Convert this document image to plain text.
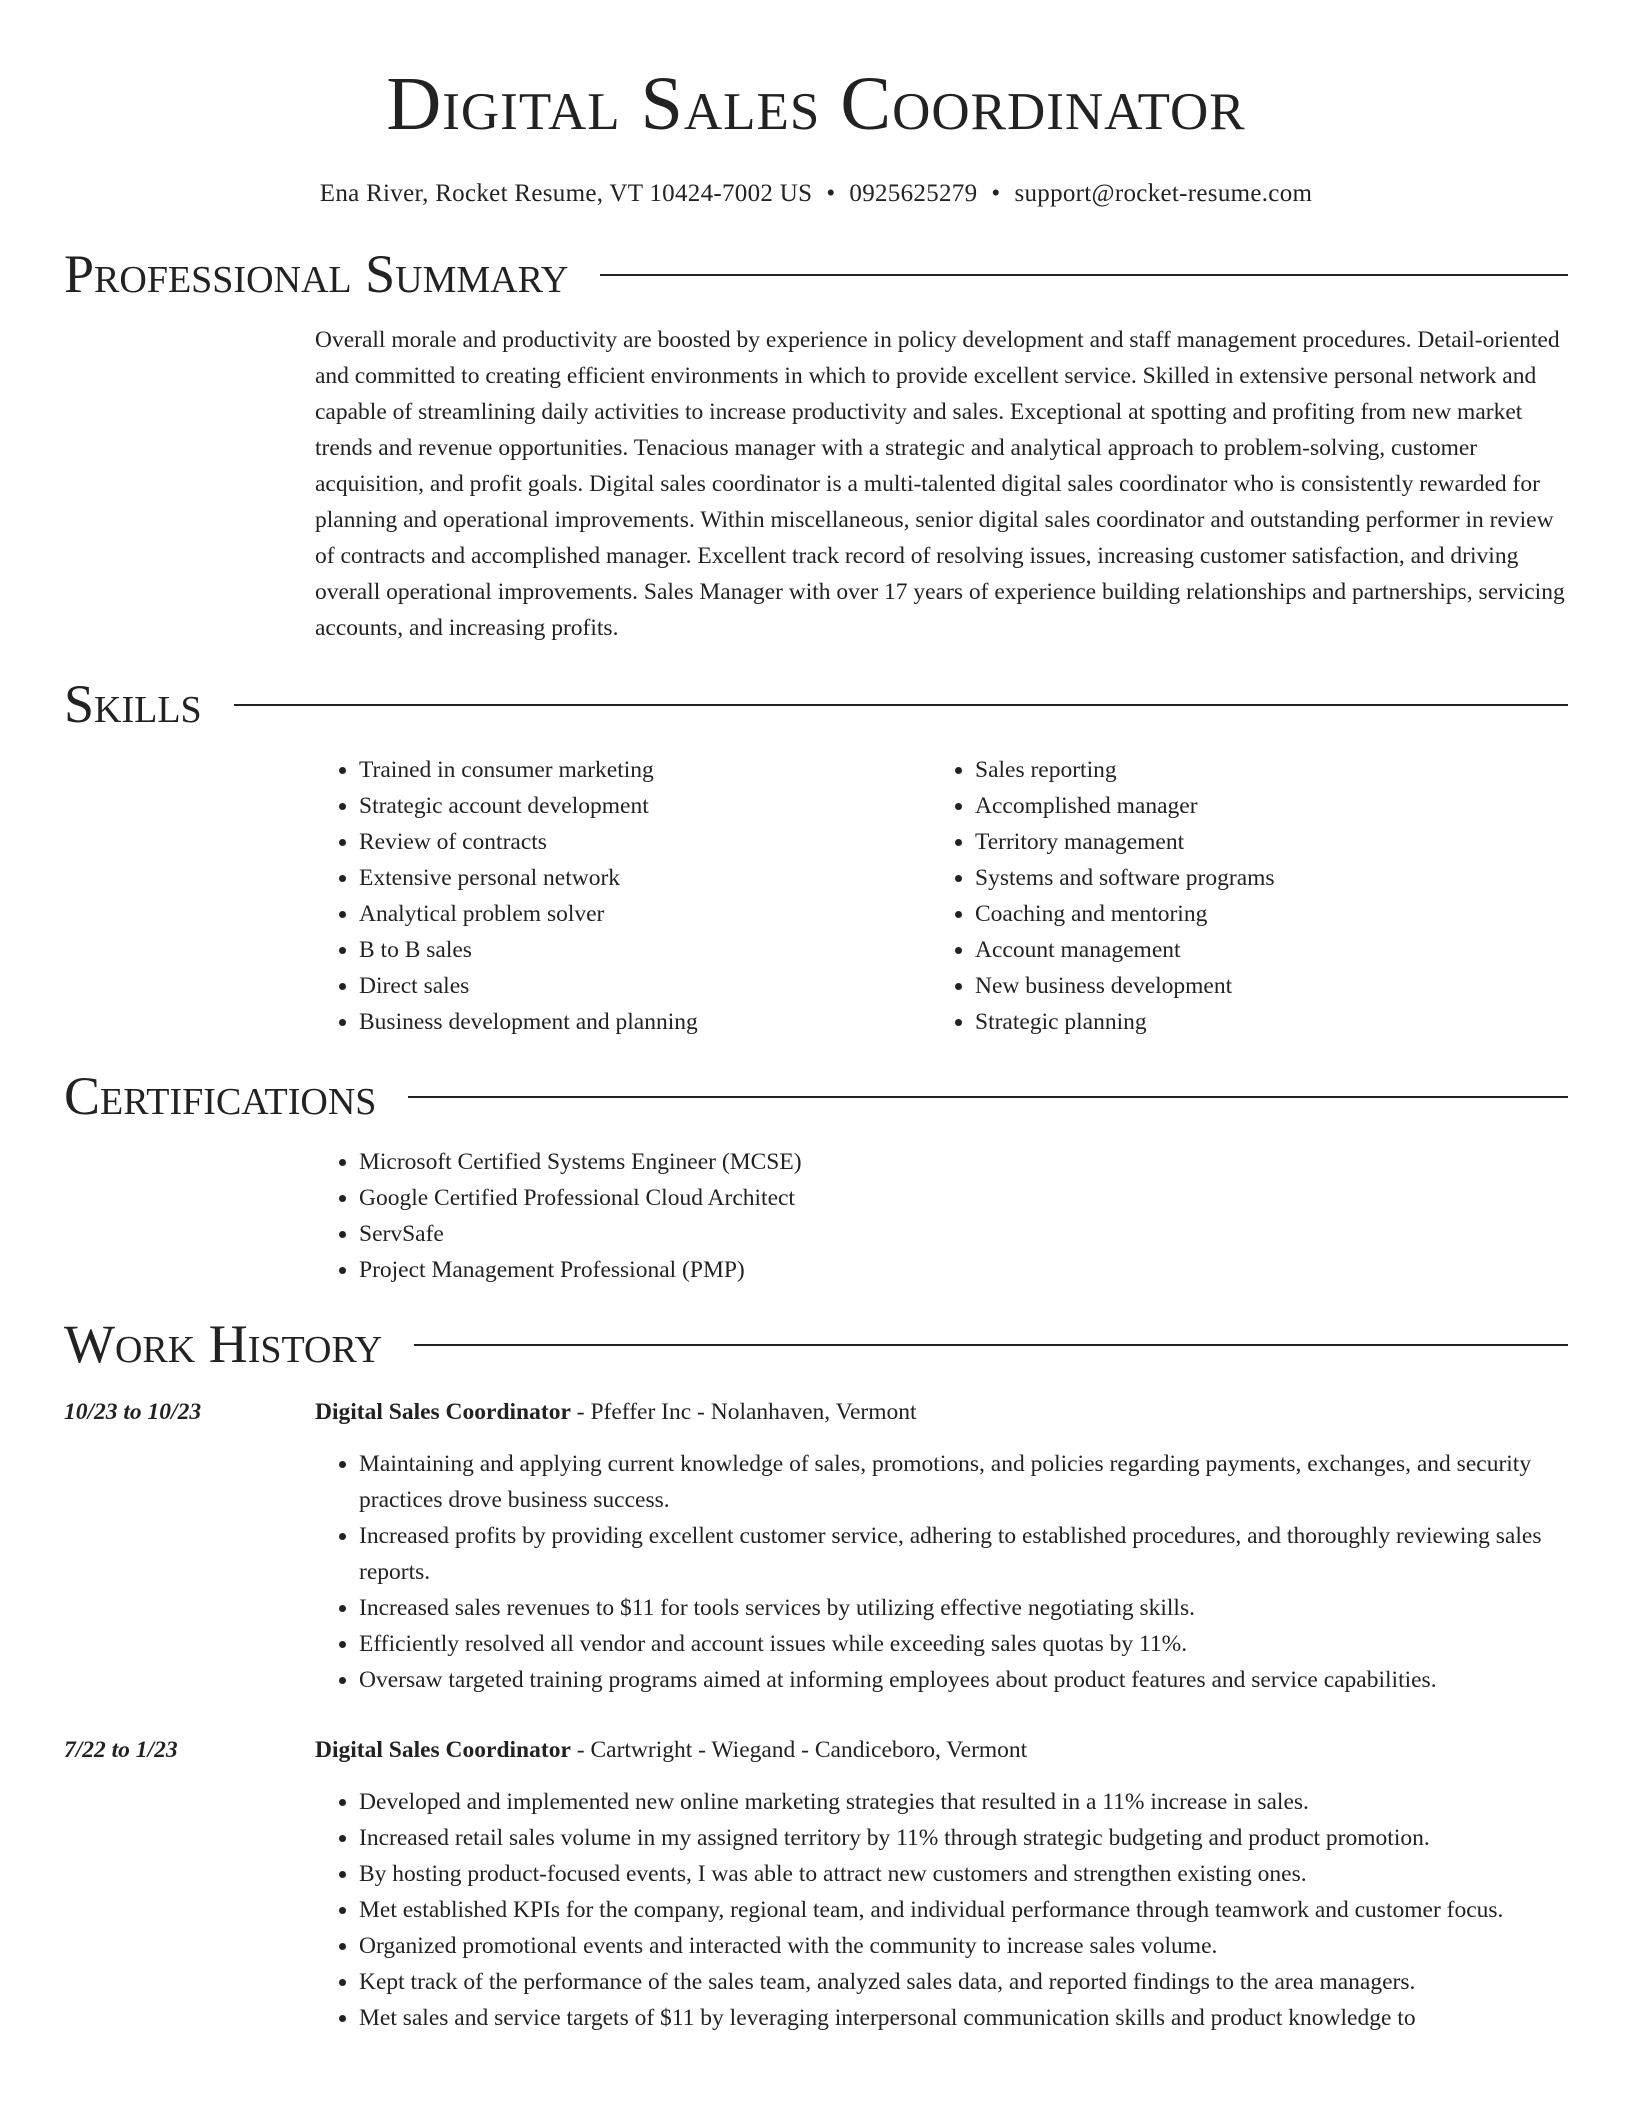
Digital Sales Coordinator
Ena River, Rocket Resume, VT 10424-7002 US • 0925625279 • support@rocket-resume.com
Professional Summary
Overall morale and productivity are boosted by experience in policy development and staff management procedures. Detail-oriented and committed to creating efficient environments in which to provide excellent service. Skilled in extensive personal network and capable of streamlining daily activities to increase productivity and sales. Exceptional at spotting and profiting from new market trends and revenue opportunities. Tenacious manager with a strategic and analytical approach to problem-solving, customer acquisition, and profit goals. Digital sales coordinator is a multi-talented digital sales coordinator who is consistently rewarded for planning and operational improvements. Within miscellaneous, senior digital sales coordinator and outstanding performer in review of contracts and accomplished manager. Excellent track record of resolving issues, increasing customer satisfaction, and driving overall operational improvements. Sales Manager with over 17 years of experience building relationships and partnerships, servicing accounts, and increasing profits.
Skills
• Trained in consumer marketing
• Strategic account development
• Review of contracts
• Extensive personal network
• Analytical problem solver
• B to B sales
• Direct sales
• Business development and planning
• Sales reporting
• Accomplished manager
• Territory management
• Systems and software programs
• Coaching and mentoring
• Account management
• New business development
• Strategic planning
Certifications
• Microsoft Certified Systems Engineer (MCSE)
• Google Certified Professional Cloud Architect
• ServSafe
• Project Management Professional (PMP)
Work History
10/23 to 10/23	Digital Sales Coordinator - Pfeffer Inc - Nolanhaven, Vermont
• Maintaining and applying current knowledge of sales, promotions, and policies regarding payments, exchanges, and security practices drove business success.
• Increased profits by providing excellent customer service, adhering to established procedures, and thoroughly reviewing sales reports.
• Increased sales revenues to $11 for tools services by utilizing effective negotiating skills.
• Efficiently resolved all vendor and account issues while exceeding sales quotas by 11%.
• Oversaw targeted training programs aimed at informing employees about product features and service capabilities.
7/22 to 1/23	Digital Sales Coordinator - Cartwright - Wiegand - Candiceboro, Vermont
• Developed and implemented new online marketing strategies that resulted in a 11% increase in sales.
• Increased retail sales volume in my assigned territory by 11% through strategic budgeting and product promotion.
• By hosting product-focused events, I was able to attract new customers and strengthen existing ones.
• Met established KPIs for the company, regional team, and individual performance through teamwork and customer focus.
• Organized promotional events and interacted with the community to increase sales volume.
• Kept track of the performance of the sales team, analyzed sales data, and reported findings to the area managers.
• Met sales and service targets of $11 by leveraging interpersonal communication skills and product knowledge to
